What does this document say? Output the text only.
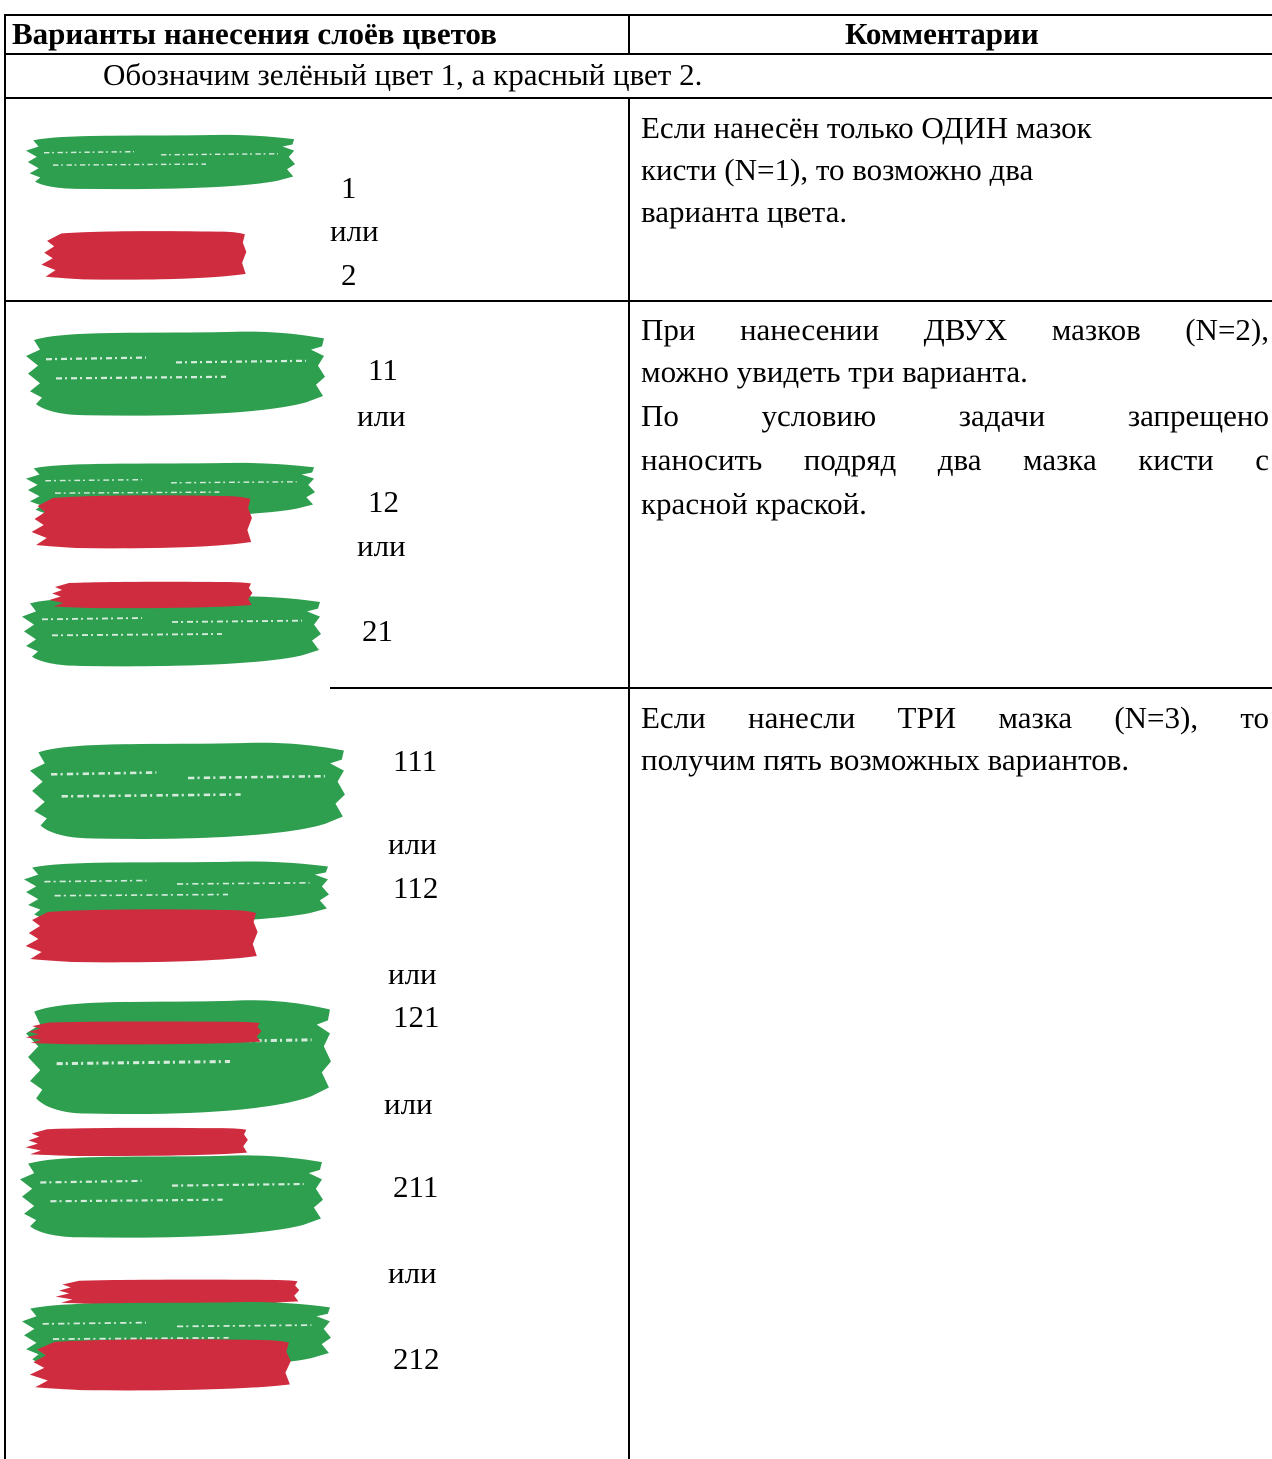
Варианты нанесения слоёв цветов	Комментарии
Обозначим зелёный цвет 1, а красный цвет 2.
1
или
2
Если нанесён только ОДИН мазок
кисти (N=1), то возможно два
варианта цвета.
11
или
12
или
21
При нанесении ДВУХ мазков (N=2),
можно увидеть три варианта.
По условию задачи запрещено
наносить подряд два мазка кисти с
красной краской.
111
или
112
или
121
или
211
или
212
Если нанесли ТРИ мазка (N=3), то
получим пять возможных вариантов.
